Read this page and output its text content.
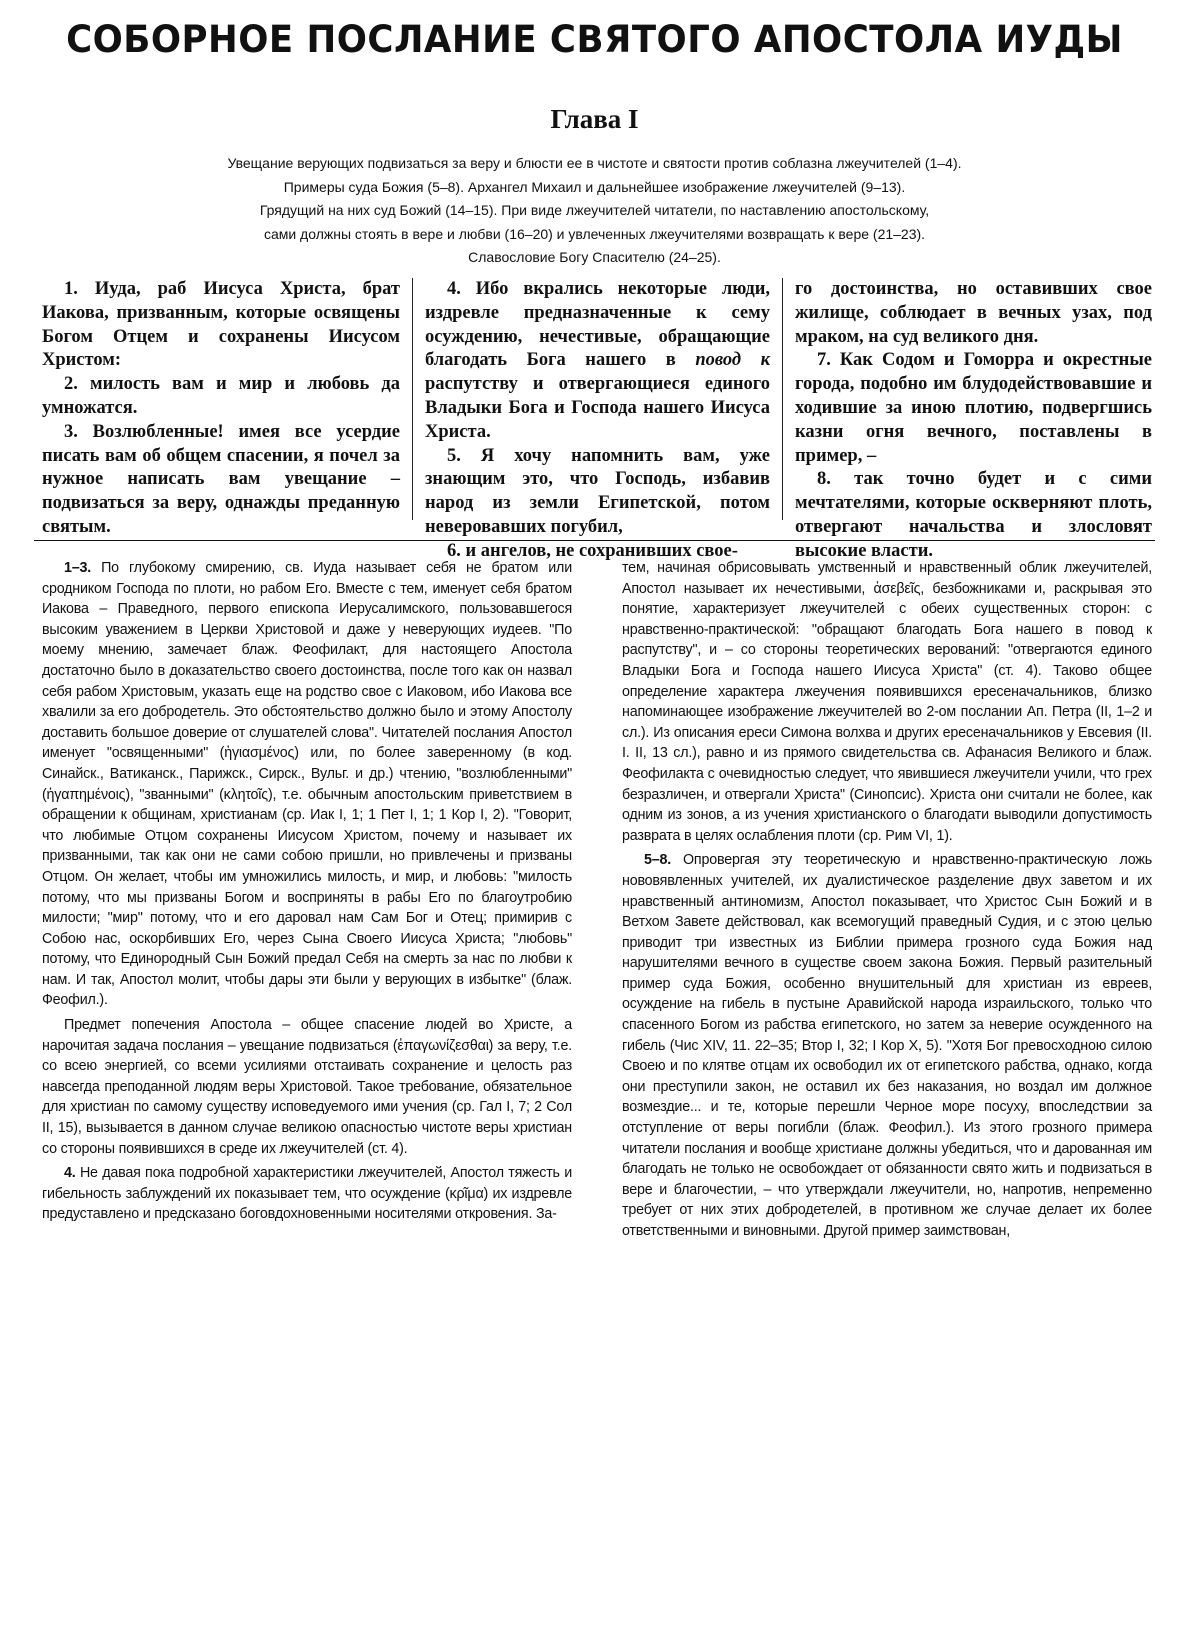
СОБОРНОЕ ПОСЛАНИЕ СВЯТОГО АПОСТОЛА ИУДЫ
Глава I
Увещание верующих подвизаться за веру и блюсти ее в чистоте и святости против соблазна лжеучителей (1–4).
Примеры суда Божия (5–8). Архангел Михаил и дальнейшее изображение лжеучителей (9–13).
Грядущий на них суд Божий (14–15). При виде лжеучителей читатели, по наставлению апостольскому,
сами должны стоять в вере и любви (16–20) и увлеченных лжеучителями возвращать к вере (21–23).
Славословие Богу Спасителю (24–25).

1. Иуда, раб Иисуса Христа, брат Иакова, призванным, которые освящены Богом Отцем и сохранены Иисусом Христом:

2. милость вам и мир и любовь да умножатся.

3. Возлюбленные! имея все усердие писать вам об общем спасении, я почел за нужное написать вам увещание – подвизаться за веру, однажды преданную святым.

4. Ибо вкрались некоторые люди, издревле предназначенные к сему осуждению, нечестивые, обращающие благодать Бога нашего в повод к распутству и отвергающиеся единого Владыки Бога и Господа нашего Иисуса Христа.

5. Я хочу напомнить вам, уже знающим это, что Господь, избавив народ из земли Египетской, потом неверовавших погубил,

6. и ангелов, не сохранивших свое-

го достоинства, но оставивших свое жилище, соблюдает в вечных узах, под мраком, на суд великого дня.

7. Как Содом и Гоморра и окрестные города, подобно им блудодействовавшие и ходившие за иною плотию, подвергшись казни огня вечного, поставлены в пример, –

8. так точно будет и с сими мечтателями, которые оскверняют плоть, отвергают начальства и злословят высокие власти.

1–3. По глубокому смирению, св. Иуда называет себя не братом или сродником Господа по плоти, но рабом Его. Вместе с тем, именует себя братом Иакова – Праведного, первого епископа Иерусалимского, пользовавшегося высоким уважением в Церкви Христовой и даже у неверующих иудеев. "По моему мнению, замечает блаж. Феофилакт, для настоящего Апостола достаточно было в доказательство своего достоинства, после того как он назвал себя рабом Христовым, указать еще на родство свое с Иаковом, ибо Иакова все хвалили за его добродетель. Это обстоятельство должно было и этому Апостолу доставить большое доверие от слушателей слова". Читателей послания Апостол именует "освященными" (ἡγιασμένος) или, по более заверенному (в код. Синайск., Ватиканск., Парижск., Сирск., Вульг. и др.) чтению, "возлюбленными" (ἠγαπημένοις), "званными" (κλητοῖς), т.е. обычным апостольским приветствием в обращении к общинам, христианам (ср. Иак I, 1; 1 Пет I, 1; 1 Кор I, 2). "Говорит, что любимые Отцом сохранены Иисусом Христом, почему и называет их призванными, так как они не сами собою пришли, но привлечены и призваны Отцом. Он желает, чтобы им умножились милость, и мир, и любовь: "милость потому, что мы призваны Богом и восприняты в рабы Его по благоутробию милости; "мир" потому, что и его даровал нам Сам Бог и Отец; примирив с Собою нас, оскорбивших Его, через Сына Своего Иисуса Христа; "любовь" потому, что Единородный Сын Божий предал Себя на смерть за нас по любви к нам. И так, Апостол молит, чтобы дары эти были у верующих в избытке" (блаж. Феофил.).

Предмет попечения Апостола – общее спасение людей во Христе, а нарочитая задача послания – увещание подвизаться (ἐπαγωνίζεσθαι) за веру, т.е. со всею энергией, со всеми усилиями отстаивать сохранение и целость раз навсегда преподанной людям веры Христовой. Такое требование, обязательное для христиан по самому существу исповедуемого ими учения (ср. Гал I, 7; 2 Сол II, 15), вызывается в данном случае великою опасностью чистоте веры христиан со стороны появившихся в среде их лжеучителей (ст. 4).

4. Не давая пока подробной характеристики лжеучителей, Апостол тяжесть и гибельность заблуждений их показывает тем, что осуждение (κρῖμα) их издревле предуставлено и предсказано боговдохновенными носителями откровения. За-

тем, начиная обрисовывать умственный и нравственный облик лжеучителей, Апостол называет их нечестивыми, ἀσεβεῖς, безбожниками и, раскрывая это понятие, характеризует лжеучителей с обеих существенных сторон: с нравственно-практической: "обращают благодать Бога нашего в повод к распутству", и – со стороны теоретических верований: "отвергаются единого Владыки Бога и Господа нашего Иисуса Христа" (ст. 4). Таково общее определение характера лжеучения появившихся ересеначальников, близко напоминающее изображение лжеучителей во 2-ом послании Ап. Петра (II, 1–2 и сл.). Из описания ереси Симона волхва и других ересеначальников у Евсевия (II. I. II, 13 сл.), равно и из прямого свидетельства св. Афанасия Великого и блаж. Феофилакта с очевидностью следует, что явившиеся лжеучители учили, что грех безразличен, и отвергали Христа" (Синопсис). Христа они считали не более, как одним из зонов, а из учения христианского о благодати выводили допустимость разврата в целях ослабления плоти (ср. Рим VI, 1).

5–8. Опровергая эту теоретическую и нравственно-практическую ложь нововявленных учителей, их дуалистическое разделение двух заветом и их нравственный антиномизм, Апостол показывает, что Христос Сын Божий и в Ветхом Завете действовал, как всемогущий праведный Судия, и с этою целью приводит три известных из Библии примера грозного суда Божия над нарушителями вечного в существе своем закона Божия. Первый разительный пример суда Божия, особенно внушительный для христиан из евреев, осуждение на гибель в пустыне Аравийской народа израильского, только что спасенного Богом из рабства египетского, но затем за неверие осужденного на гибель (Чис XIV, 11. 22–35; Втор I, 32; I Кор X, 5). "Хотя Бог превосходною силою Своею и по клятве отцам их освободил их от египетского рабства, однако, когда они преступили закон, не оставил их без наказания, но воздал им должное возмездие... и те, которые перешли Черное море посуху, впоследствии за отступление от веры погибли (блаж. Феофил.). Из этого грозного примера читатели послания и вообще христиане должны убедиться, что и дарованная им благодать не только не освобождает от обязанности свято жить и подвизаться в вере и благочестии, – что утверждали лжеучители, но, напротив, непременно требует от них этих добродетелей, в противном же случае делает их более ответственными и виновными. Другой пример заимствован,
